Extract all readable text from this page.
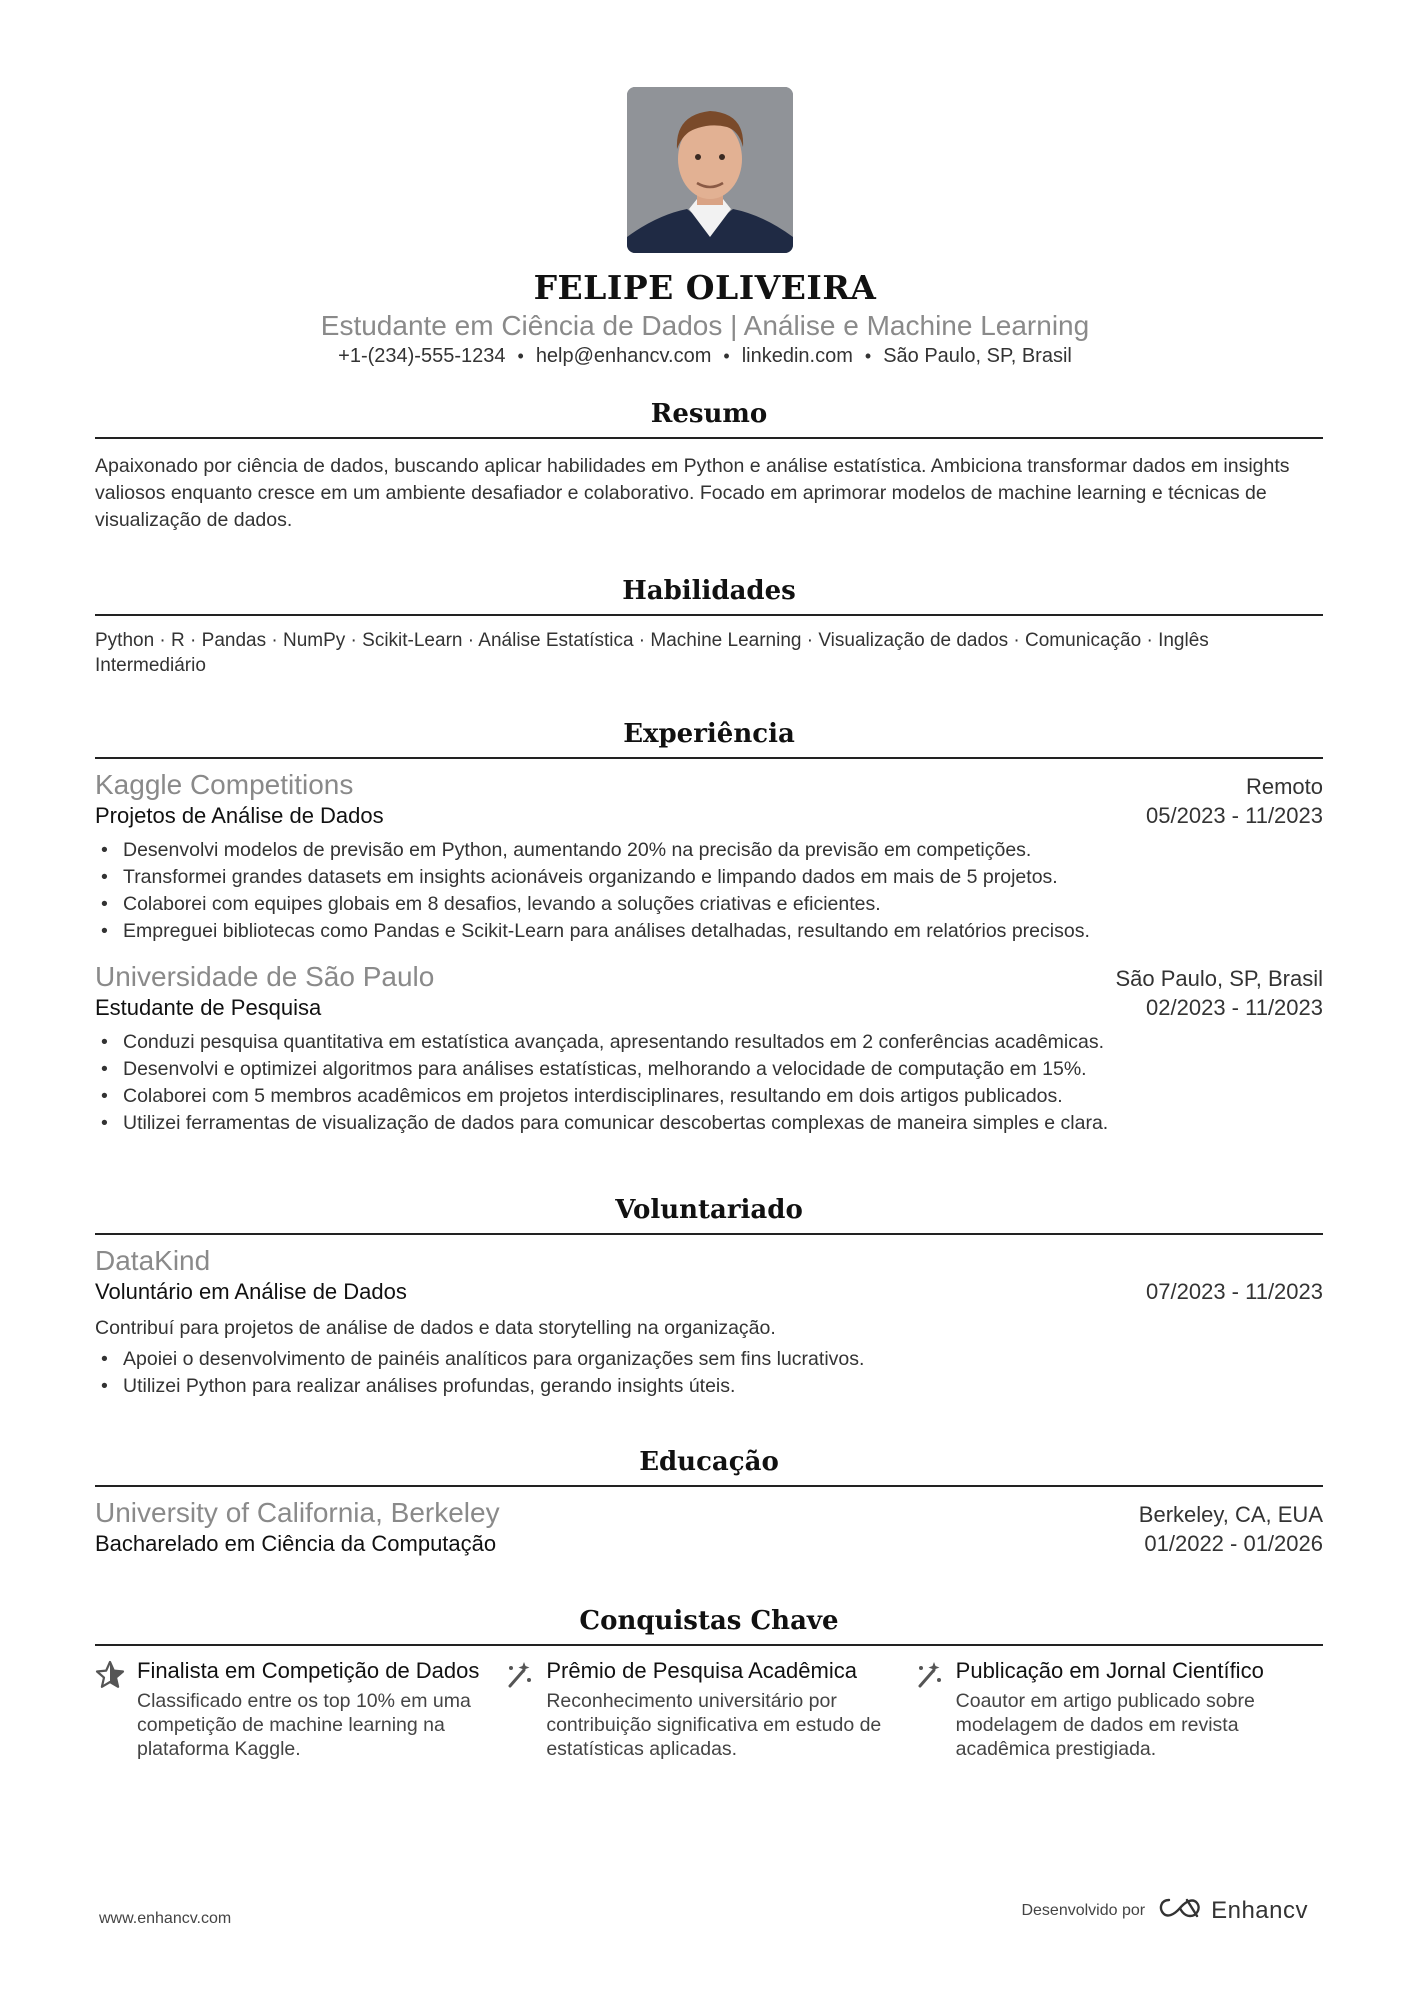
FELIPE OLIVEIRA
Estudante em Ciência de Dados | Análise e Machine Learning
+1-(234)-555-1234 • help@enhancv.com • linkedin.com • São Paulo, SP, Brasil
Resumo
Apaixonado por ciência de dados, buscando aplicar habilidades em Python e análise estatística. Ambiciona transformar dados em insights valiosos enquanto cresce em um ambiente desafiador e colaborativo. Focado em aprimorar modelos de machine learning e técnicas de visualização de dados.
Habilidades
Python · R · Pandas · NumPy · Scikit-Learn · Análise Estatística · Machine Learning · Visualização de dados · Comunicação · Inglês Intermediário
Experiência
Kaggle Competitions	Remoto
Projetos de Análise de Dados	05/2023 - 11/2023
• Desenvolvi modelos de previsão em Python, aumentando 20% na precisão da previsão em competições.
• Transformei grandes datasets em insights acionáveis organizando e limpando dados em mais de 5 projetos.
• Colaborei com equipes globais em 8 desafios, levando a soluções criativas e eficientes.
• Empreguei bibliotecas como Pandas e Scikit-Learn para análises detalhadas, resultando em relatórios precisos.
Universidade de São Paulo	São Paulo, SP, Brasil
Estudante de Pesquisa	02/2023 - 11/2023
• Conduzi pesquisa quantitativa em estatística avançada, apresentando resultados em 2 conferências acadêmicas.
• Desenvolvi e optimizei algoritmos para análises estatísticas, melhorando a velocidade de computação em 15%.
• Colaborei com 5 membros acadêmicos em projetos interdisciplinares, resultando em dois artigos publicados.
• Utilizei ferramentas de visualização de dados para comunicar descobertas complexas de maneira simples e clara.
Voluntariado
DataKind
Voluntário em Análise de Dados	07/2023 - 11/2023
Contribuí para projetos de análise de dados e data storytelling na organização.
• Apoiei o desenvolvimento de painéis analíticos para organizações sem fins lucrativos.
• Utilizei Python para realizar análises profundas, gerando insights úteis.
Educação
University of California, Berkeley	Berkeley, CA, EUA
Bacharelado em Ciência da Computação	01/2022 - 01/2026
Conquistas Chave
Finalista em Competição de Dados
Classificado entre os top 10% em uma competição de machine learning na plataforma Kaggle.
Prêmio de Pesquisa Acadêmica
Reconhecimento universitário por contribuição significativa em estudo de estatísticas aplicadas.
Publicação em Jornal Científico
Coautor em artigo publicado sobre modelagem de dados em revista acadêmica prestigiada.
www.enhancv.com	Desenvolvido por	Enhancv
